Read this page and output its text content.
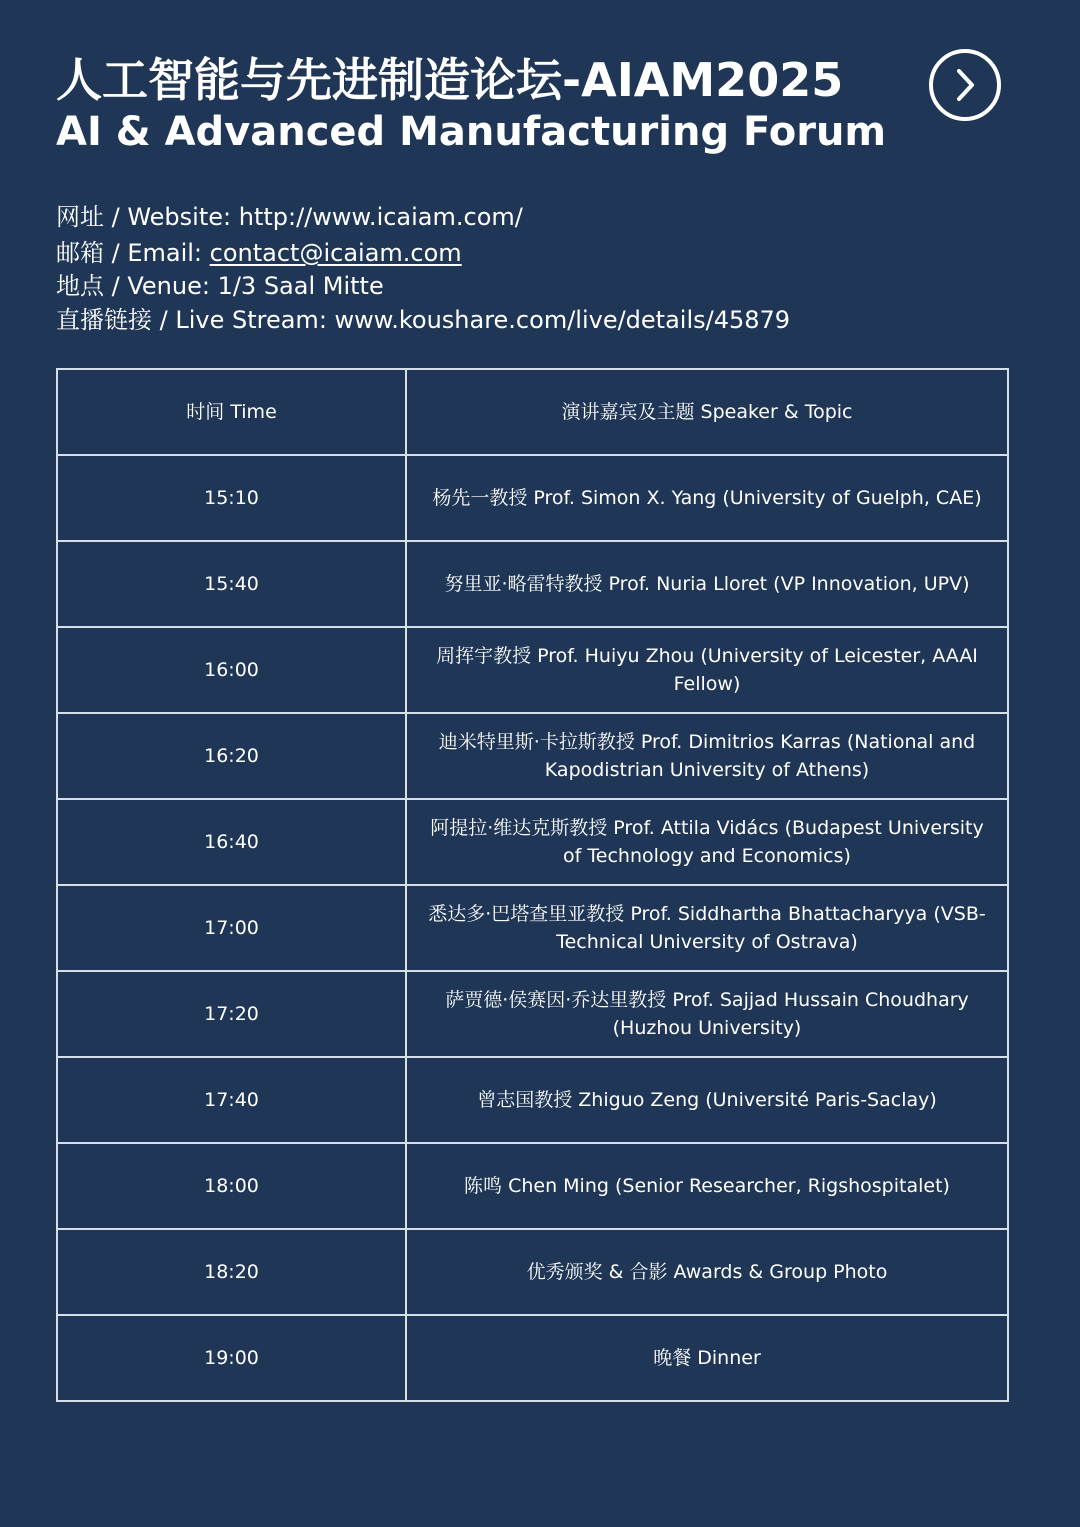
人工智能与先进制造论坛-AIAM2025
AI & Advanced Manufacturing Forum
网址 / Website: http://www.icaiam.com/
邮箱 / Email: contact@icaiam.com
地点 / Venue: 1/3 Saal Mitte
直播链接 / Live Stream: www.koushare.com/live/details/45879
时间 Time	演讲嘉宾及主题 Speaker & Topic
15:10	杨先一教授 Prof. Simon X. Yang (University of Guelph, CAE)
15:40	努里亚·略雷特教授 Prof. Nuria Lloret (VP Innovation, UPV)
16:00	周挥宇教授 Prof. Huiyu Zhou (University of Leicester, AAAI Fellow)
16:20	迪米特里斯·卡拉斯教授 Prof. Dimitrios Karras (National and Kapodistrian University of Athens)
16:40	阿提拉·维达克斯教授 Prof. Attila Vidács (Budapest University of Technology and Economics)
17:00	悉达多·巴塔查里亚教授 Prof. Siddhartha Bhattacharyya (VSB-Technical University of Ostrava)
17:20	萨贾德·侯赛因·乔达里教授 Prof. Sajjad Hussain Choudhary (Huzhou University)
17:40	曾志国教授 Zhiguo Zeng (Université Paris-Saclay)
18:00	陈鸣 Chen Ming (Senior Researcher, Rigshospitalet)
18:20	优秀颁奖 & 合影 Awards & Group Photo
19:00	晚餐 Dinner
